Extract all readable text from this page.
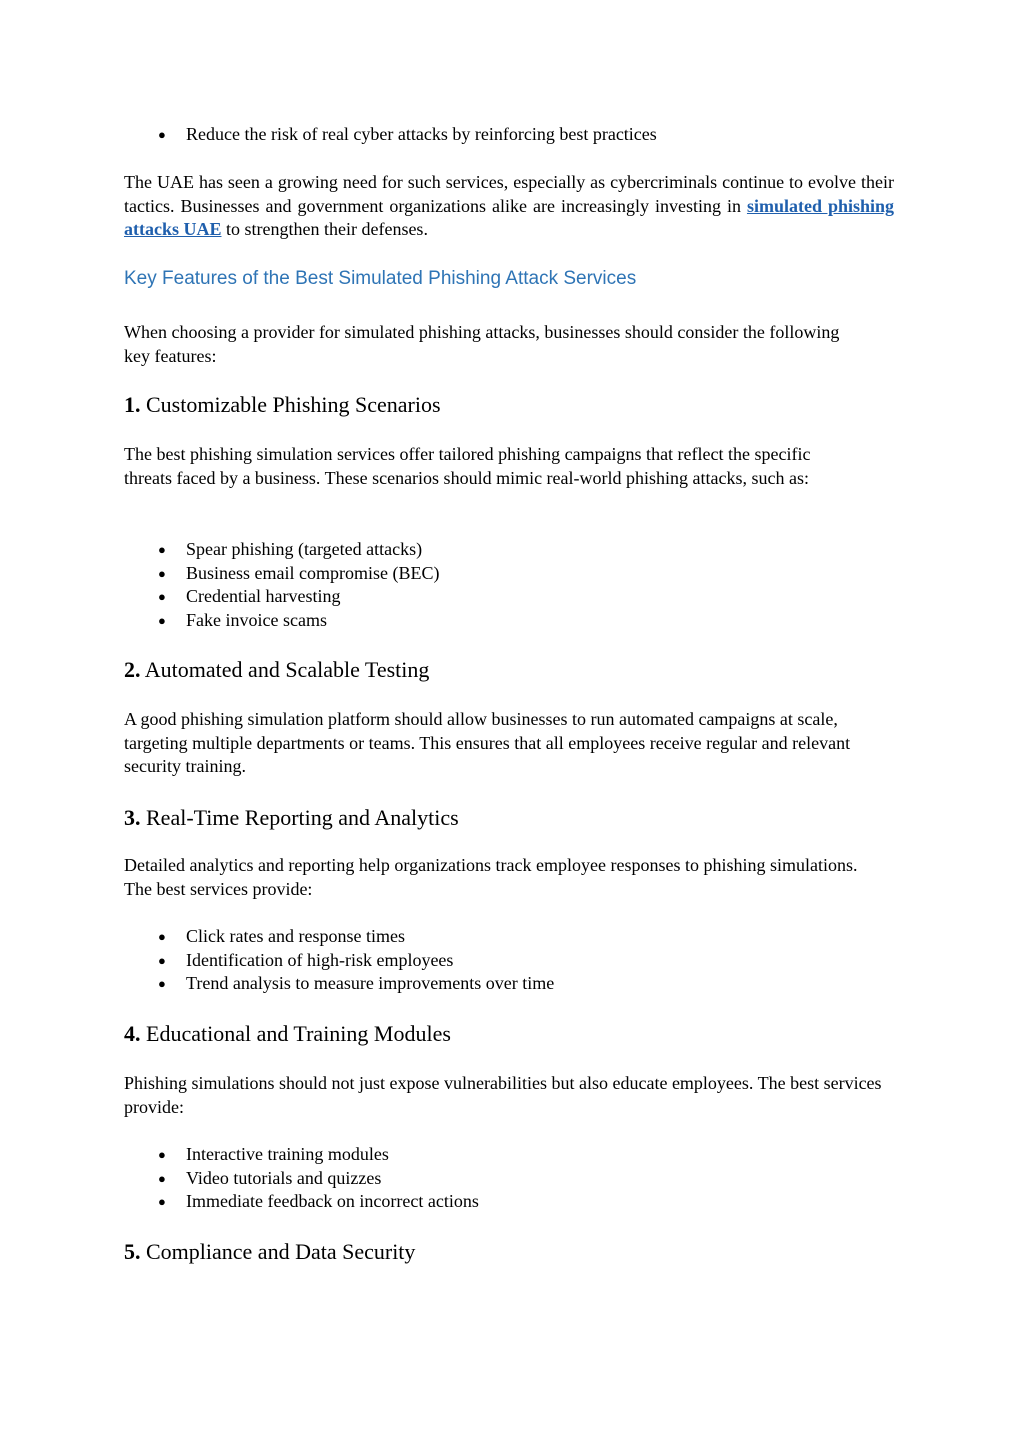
● Reduce the risk of real cyber attacks by reinforcing best practices

The UAE has seen a growing need for such services, especially as cybercriminals continue to evolve their tactics. Businesses and government organizations alike are increasingly investing in simulated phishing attacks UAE to strengthen their defenses.

Key Features of the Best Simulated Phishing Attack Services

When choosing a provider for simulated phishing attacks, businesses should consider the following key features:

1. Customizable Phishing Scenarios

The best phishing simulation services offer tailored phishing campaigns that reflect the specific threats faced by a business. These scenarios should mimic real-world phishing attacks, such as:

● Spear phishing (targeted attacks)
● Business email compromise (BEC)
● Credential harvesting
● Fake invoice scams
2. Automated and Scalable Testing

A good phishing simulation platform should allow businesses to run automated campaigns at scale, targeting multiple departments or teams. This ensures that all employees receive regular and relevant security training.

3. Real-Time Reporting and Analytics

Detailed analytics and reporting help organizations track employee responses to phishing simulations. The best services provide:

● Click rates and response times
● Identification of high-risk employees
● Trend analysis to measure improvements over time
4. Educational and Training Modules

Phishing simulations should not just expose vulnerabilities but also educate employees. The best services provide:

● Interactive training modules
● Video tutorials and quizzes
● Immediate feedback on incorrect actions
5. Compliance and Data Security
